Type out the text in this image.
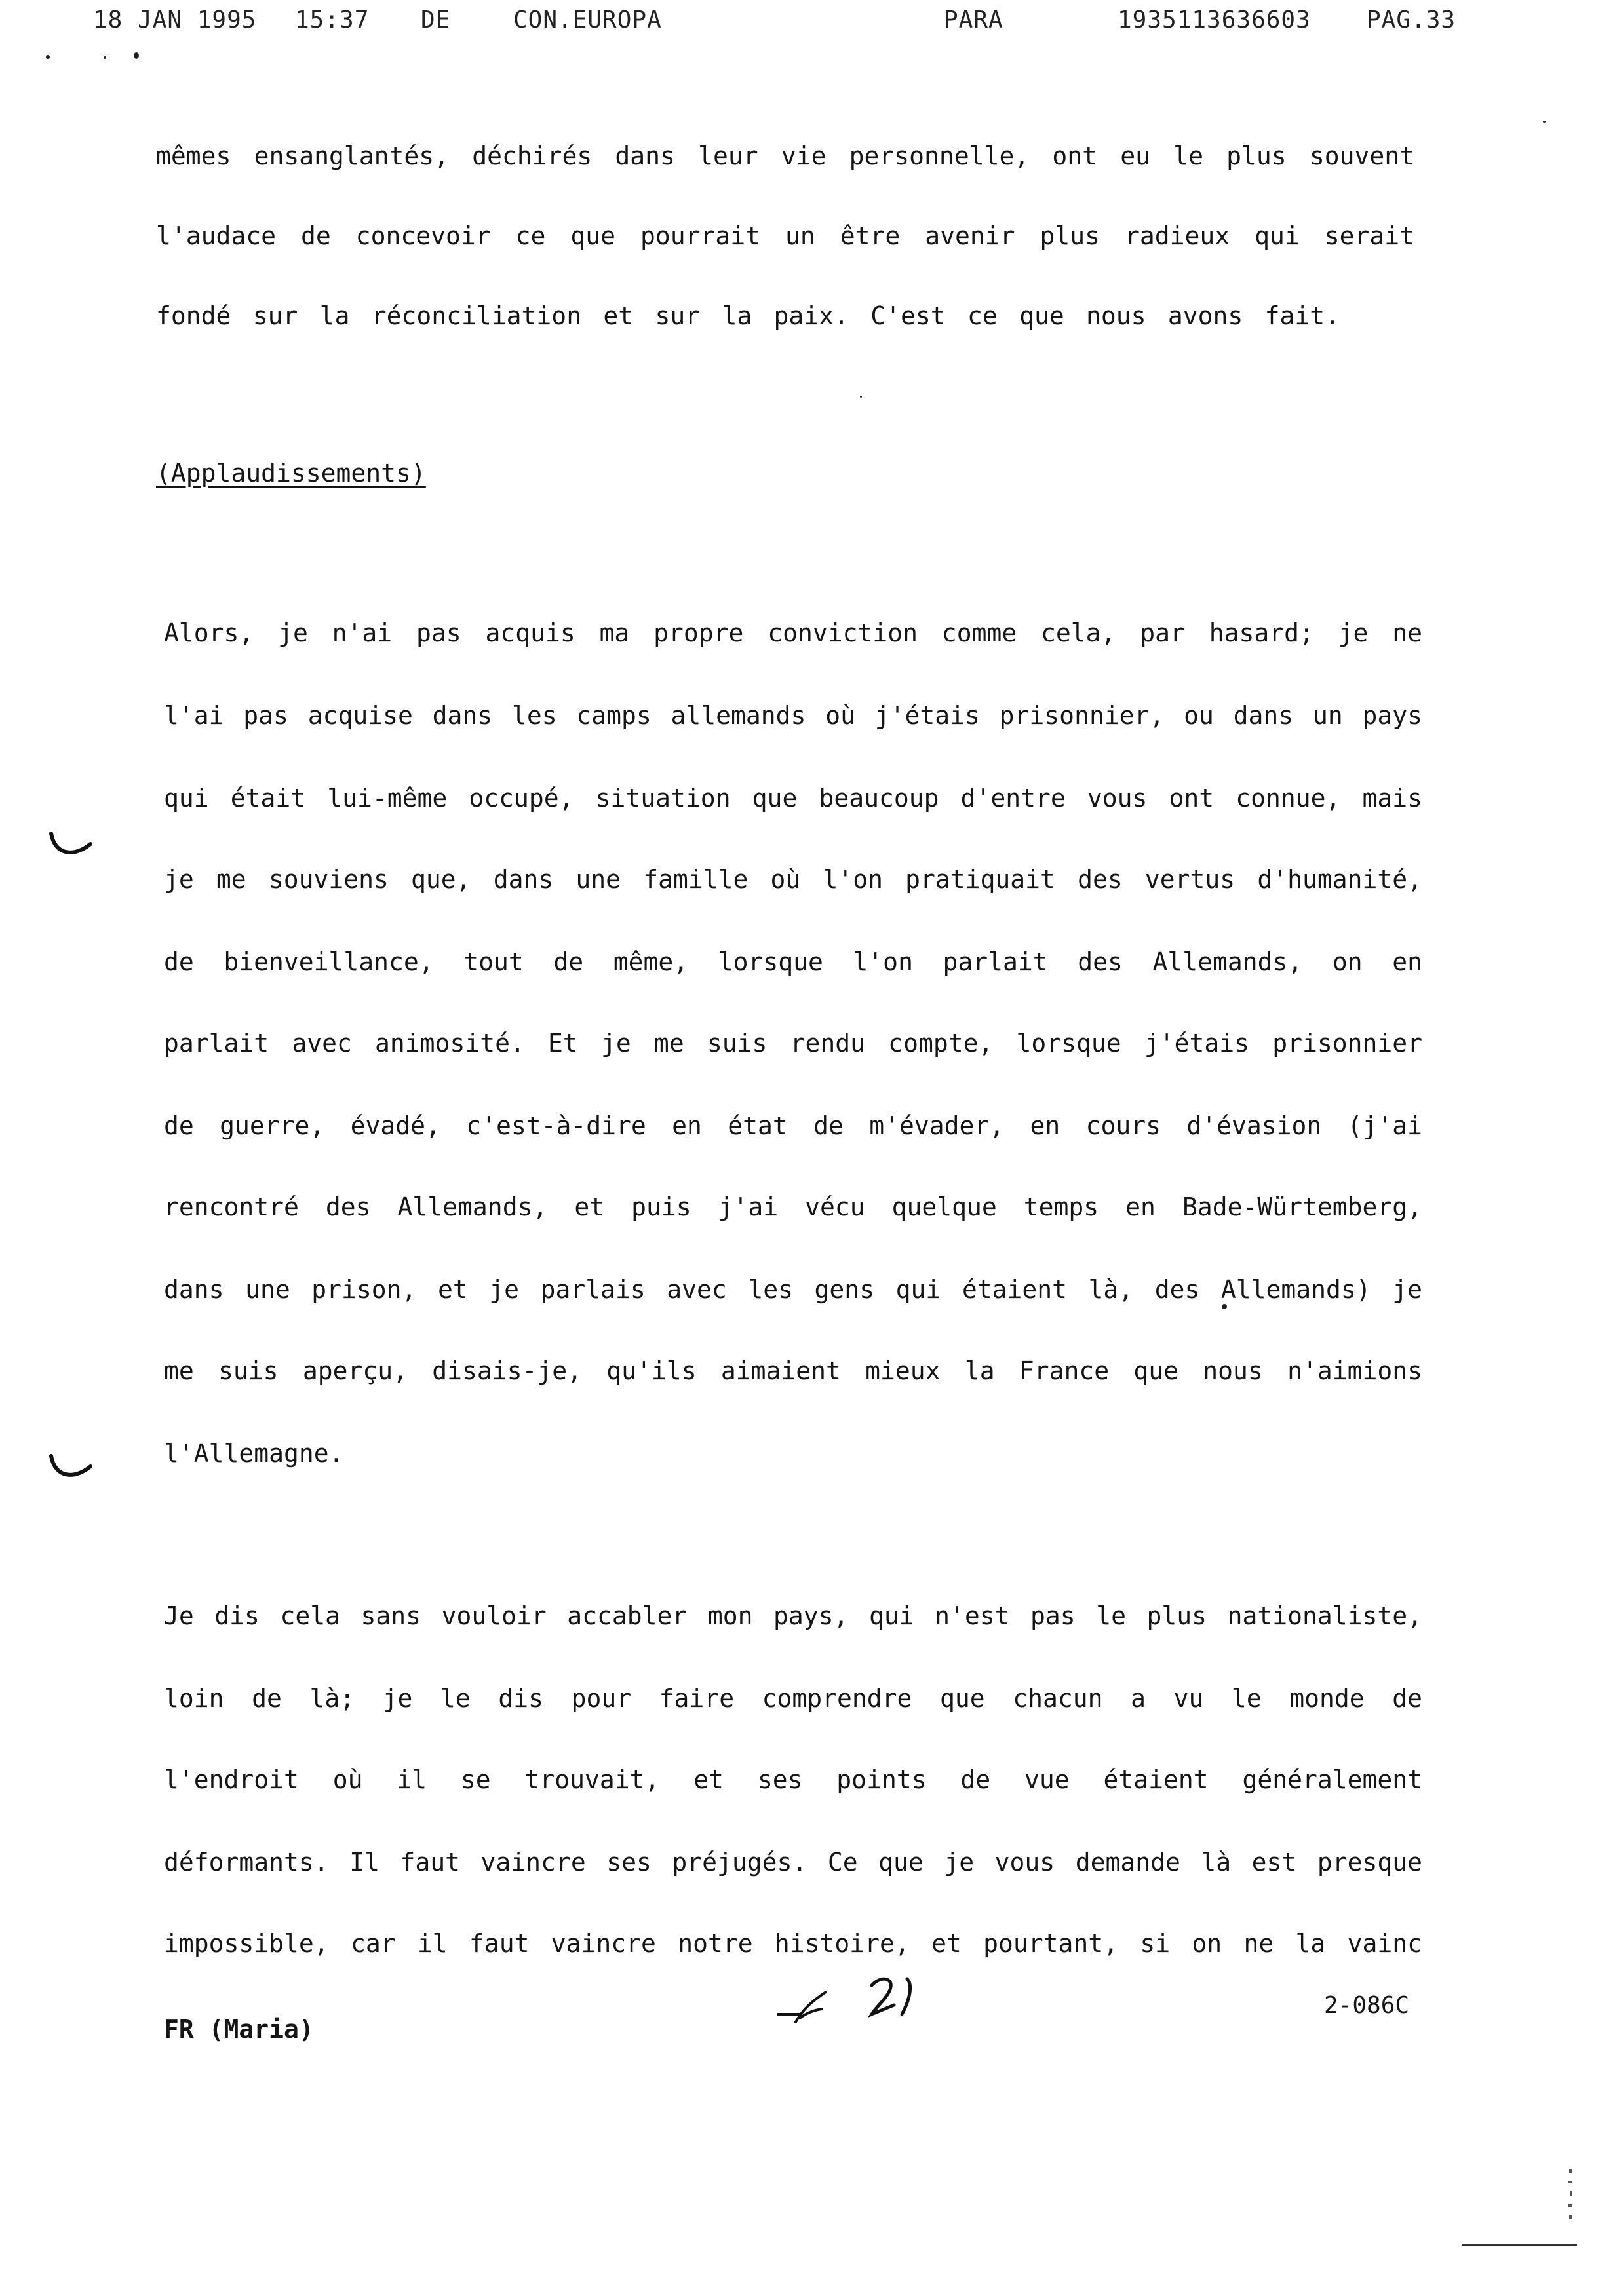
18 JAN 1995 15:37 DE	CON.EUROPA	PARA	1935113636603 PAG.33
mêmes ensanglantés, déchirés dans leur vie personnelle, ont eu le plus souvent
l'audace de concevoir ce que pourrait un être avenir plus radieux qui serait
fondé sur la réconciliation et sur la paix. C'est ce que nous avons fait.
(Applaudissements)
Alors, je n'ai pas acquis ma propre conviction comme cela, par hasard; je ne
l'ai pas acquise dans les camps allemands où j'étais prisonnier, ou dans un pays
qui était lui-même occupé, situation que beaucoup d'entre vous ont connue, mais
je me souviens que, dans une famille où l'on pratiquait des vertus d'humanité,
de bienveillance, tout de même, lorsque l'on parlait des Allemands, on en
parlait avec animosité. Et je me suis rendu compte, lorsque j'étais prisonnier
de guerre, évadé, c'est-à-dire en état de m'évader, en cours d'évasion (j'ai
rencontré des Allemands, et puis j'ai vécu quelque temps en Bade-Würtemberg,
dans une prison, et je parlais avec les gens qui étaient là, des Allemands) je
me suis aperçu, disais-je, qu'ils aimaient mieux la France que nous n'aimions
l'Allemagne.
Je dis cela sans vouloir accabler mon pays, qui n'est pas le plus nationaliste,
loin de là; je le dis pour faire comprendre que chacun a vu le monde de
l'endroit où il se trouvait, et ses points de vue étaient généralement
déformants. Il faut vaincre ses préjugés. Ce que je vous demande là est presque
impossible, car il faut vaincre notre histoire, et pourtant, si on ne la vainc
FR (Maria)
2-086C
